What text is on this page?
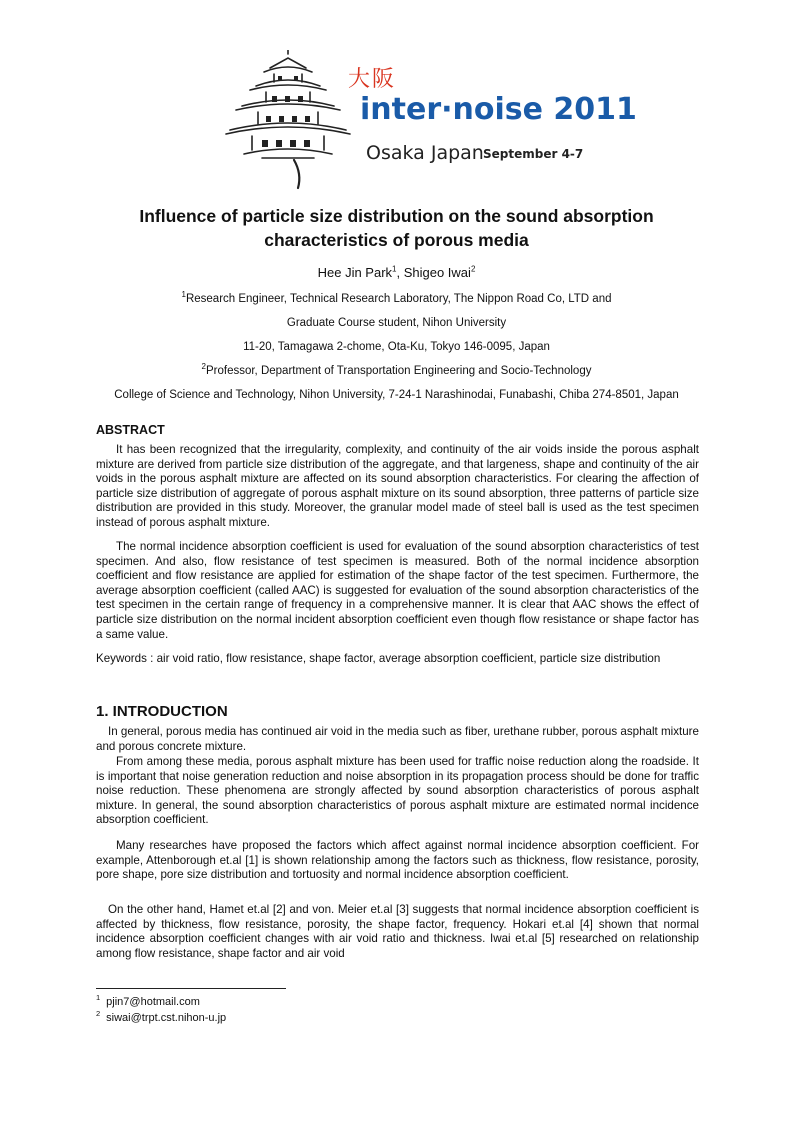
大阪
inter·noise 2011
Osaka Japan September 4-7
Influence of particle size distribution on the sound absorption
characteristics of porous media
Hee Jin Park$^1$, Shigeo Iwai$^2$
$^1$Research Engineer, Technical Research Laboratory, The Nippon Road Co, LTD and
Graduate Course student, Nihon University
11-20, Tamagawa 2-chome, Ota-Ku, Tokyo 146-0095, Japan
$^2$Professor, Department of Transportation Engineering and Socio-Technology
College of Science and Technology, Nihon University, 7-24-1 Narashinodai, Funabashi, Chiba 274-8501, Japan
ABSTRACT

It has been recognized that the irregularity, complexity, and continuity of the air voids inside the porous asphalt mixture are derived from particle size distribution of the aggregate, and that largeness, shape and continuity of the air voids in the porous asphalt mixture are affected on its sound absorption characteristics. For clearing the affection of particle size distribution of aggregate of porous asphalt mixture on its sound absorption, three patterns of particle size distribution are provided in this study. Moreover, the granular model made of steel ball is used as the test specimen instead of porous asphalt mixture.

The normal incidence absorption coefficient is used for evaluation of the sound absorption characteristics of test specimen. And also, flow resistance of test specimen is measured. Both of the normal incidence absorption coefficient and flow resistance are applied for estimation of the shape factor of the test specimen. Furthermore, the average absorption coefficient (called AAC) is suggested for evaluation of the sound absorption characteristics of the test specimen in the certain range of frequency in a comprehensive manner. It is clear that AAC shows the effect of particle size distribution on the normal incident absorption coefficient even though flow resistance or shape factor has a same value.

Keywords : air void ratio, flow resistance, shape factor, average absorption coefficient, particle size distribution

1. INTRODUCTION

In general, porous media has continued air void in the media such as fiber, urethane rubber, porous asphalt mixture and porous concrete mixture.

From among these media, porous asphalt mixture has been used for traffic noise reduction along the roadside. It is important that noise generation reduction and noise absorption in its propagation process should be done for traffic noise reduction. These phenomena are strongly affected by sound absorption characteristics of porous asphalt mixture. In general, the sound absorption characteristics of porous asphalt mixture are estimated normal incidence absorption coefficient.

Many researches have proposed the factors which affect against normal incidence absorption coefficient. For example, Attenborough et.al [1] is shown relationship among the factors such as thickness, flow resistance, porosity, pore shape, pore size distribution and tortuosity and normal incidence absorption coefficient.

On the other hand, Hamet et.al [2] and von. Meier et.al [3] suggests that normal incidence absorption coefficient is affected by thickness, flow resistance, porosity, the shape factor, frequency. Hokari et.al [4] shown that normal incidence absorption coefficient changes with air void ratio and thickness. Iwai et.al [5] researched on relationship among flow resistance, shape factor and air void

$^1$ pjin7@hotmail.com
$^2$ siwai@trpt.cst.nihon-u.jp
